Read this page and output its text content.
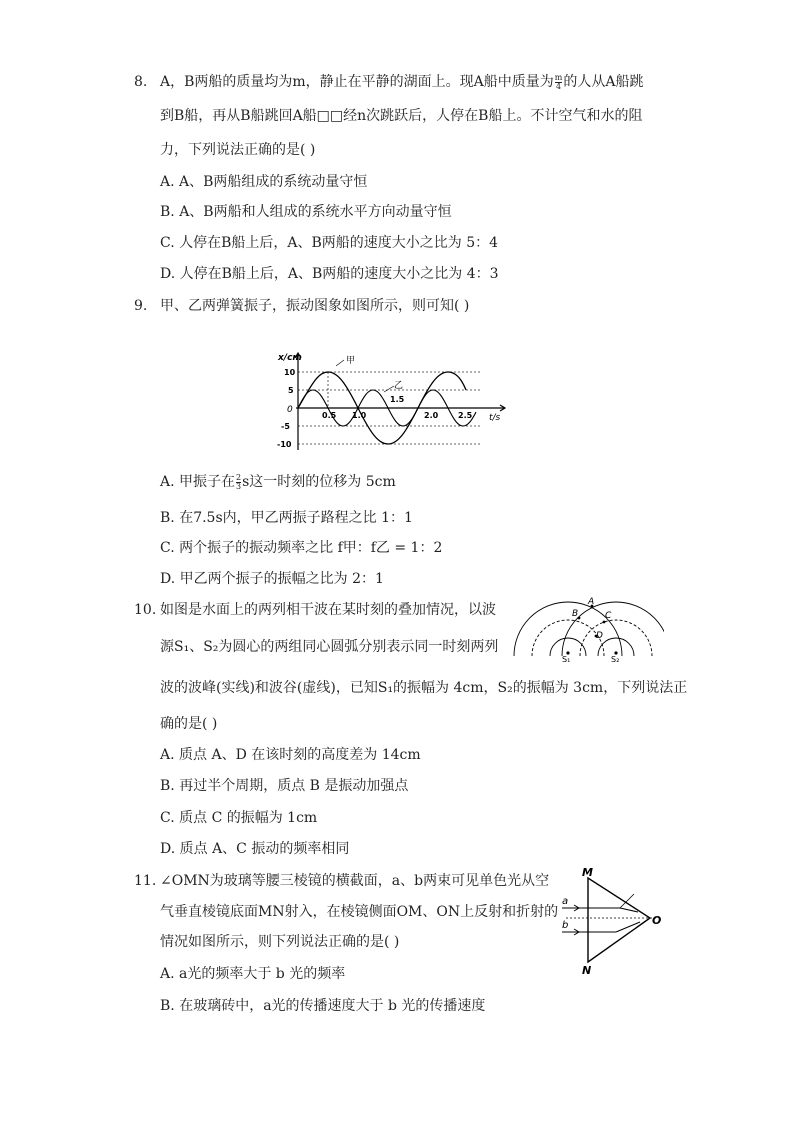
8. A，B两船的质量均为m，静止在平静的湖面上。现A船中质量为 $\frac{m}{4}$ 的人从A船跳
到B船，再从B船跳回A船□□经n次跳跃后，人停在B船上。不计空气和水的阻
力，下列说法正确的是( )
A. A、B两船组成的系统动量守恒
B. A、B两船和人组成的系统水平方向动量守恒
C. 人停在B船上后，A、B两船的速度大小之比为 5：4
D. 人停在B船上后，A、B两船的速度大小之比为 4：3
9. 甲、乙两弹簧振子，振动图象如图所示，则可知( )
x/cm	甲
乙
t/s
10
5
0
-5
-10
0.5 1.0
1.5
2.0 2.5
A. 甲振子在 $\frac{2}{3}$ s这一时刻的位移为 5cm
B. 在7.5s内，甲乙两振子路程之比 1：1
C. 两个振子的振动频率之比 f甲：f乙 = 1：2
D. 甲乙两个振子的振幅之比为 2：1
10. 如图是水面上的两列相干波在某时刻的叠加情况，以波
源S₁、S₂为圆心的两组同心圆弧分别表示同一时刻两列
波的波峰(实线)和波谷(虚线)，已知S₁的振幅为 4cm，S₂的振幅为 3cm，下列说法正
确的是( )
A
B	C
D
S₁	S₂
A. 质点 A、D 在该时刻的高度差为 14cm
B. 再过半个周期，质点 B 是振动加强点
C. 质点 C 的振幅为 1cm
D. 质点 A、C 振动的频率相同
11. ∠OMN为玻璃等腰三棱镜的横截面，a、b两束可见单色光从空
气垂直棱镜底面MN射入，在棱镜侧面OM、ON上反射和折射的
情况如图所示，则下列说法正确的是( )
M
N
O
a
b
A. a光的频率大于 b 光的频率
B. 在玻璃砖中，a光的传播速度大于 b 光的传播速度
